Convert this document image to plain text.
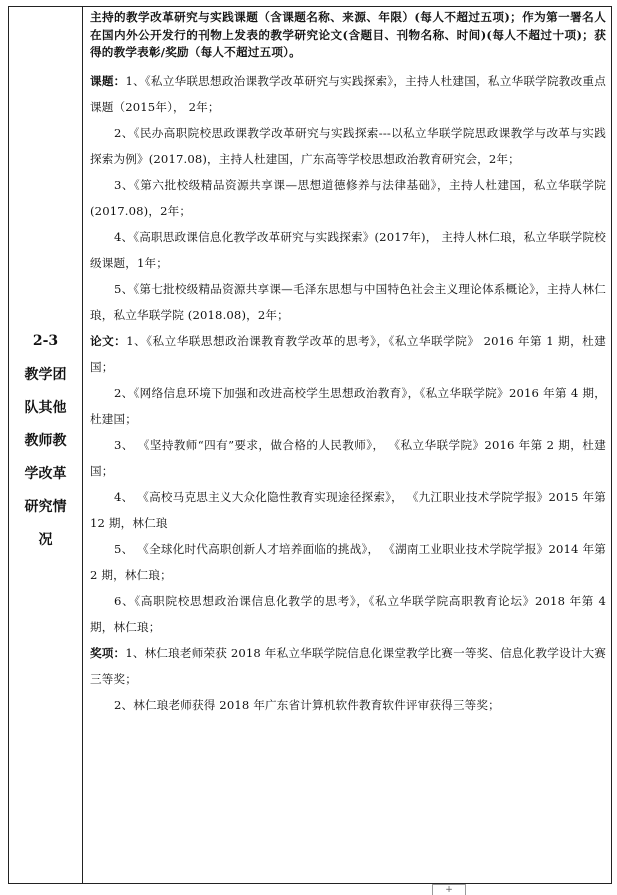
2-3
教学团
队其他
教师教
学改革
研究情
况
主持的教学改革研究与实践课题（含课题名称、来源、年限）(每人不超过五项)；作为第一署名人在国内外公开发行的刊物上发表的教学研究论文(含题目、刊物名称、时间)(每人不超过十项)；获得的教学表彰/奖励（每人不超过五项）。
课题：1、《私立华联思想政治课教学改革研究与实践探索》，主持人杜建国，私立华联学院教改重点课题（2015年）， 2年；
2、《民办高职院校思政课教学改革研究与实践探索---以私立华联学院思政课教学与改革与实践探索为例》(2017.08)，主持人杜建国，广东高等学校思想政治教育研究会，2年；
3、《第六批校级精品资源共享课—思想道德修养与法律基础》，主持人杜建国，私立华联学院 (2017.08)，2年；
4、《高职思政课信息化教学改革研究与实践探索》(2017年)， 主持人林仁琅，私立华联学院校级课题，1年；
5、《第七批校级精品资源共享课—毛泽东思想与中国特色社会主义理论体系概论》，主持人林仁琅，私立华联学院 (2018.08)，2年；
论文：1、《私立华联思想政治课教育教学改革的思考》，《私立华联学院》 2016 年第 1 期，杜建国；
2、《网络信息环境下加强和改进高校学生思想政治教育》，《私立华联学院》2016 年第 4 期，杜建国；
3、 《坚持教师“四有”要求，做合格的人民教师》， 《私立华联学院》2016 年第 2 期，杜建国；
4、 《高校马克思主义大众化隐性教育实现途径探索》， 《九江职业技术学院学报》2015 年第 12 期，林仁琅
5、 《全球化时代高职创新人才培养面临的挑战》， 《湖南工业职业技术学院学报》2014 年第 2 期，林仁琅；
6、《高职院校思想政治课信息化教学的思考》，《私立华联学院高职教育论坛》2018 年第 4 期，林仁琅；
奖项：1、林仁琅老师荣获 2018 年私立华联学院信息化课堂教学比赛一等奖、信息化教学设计大赛三等奖；
2、林仁琅老师获得 2018 年广东省计算机软件教育软件评审获得三等奖；
+
